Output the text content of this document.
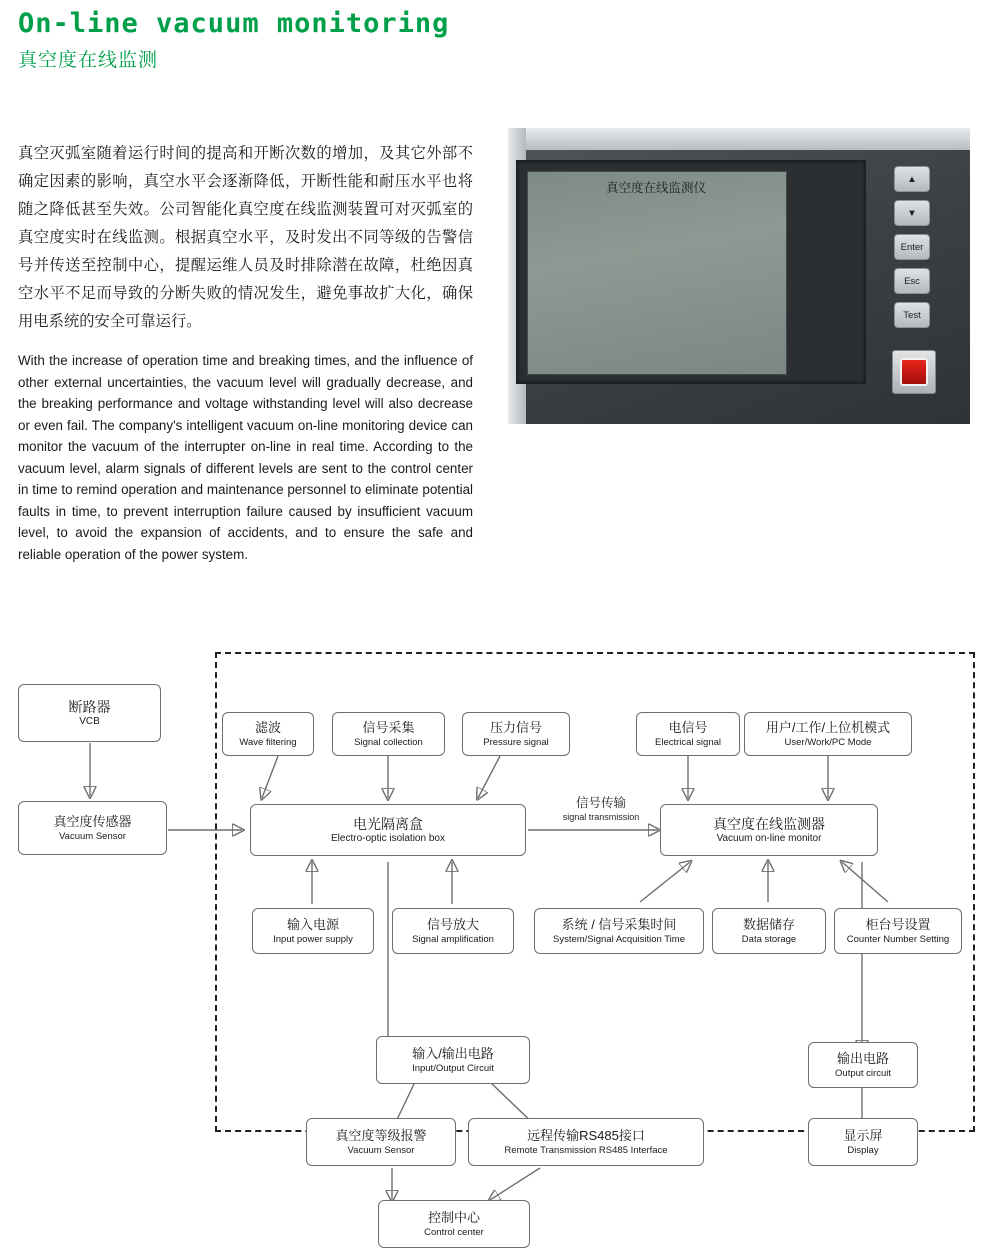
On-line vacuum monitoring
真空度在线监测
真空灭弧室随着运行时间的提高和开断次数的增加，及其它外部不确定因素的影响，真空水平会逐渐降低，开断性能和耐压水平也将随之降低甚至失效。公司智能化真空度在线监测装置可对灭弧室的真空度实时在线监测。根据真空水平，及时发出不同等级的告警信号并传送至控制中心，提醒运维人员及时排除潜在故障，杜绝因真空水平不足而导致的分断失败的情况发生，避免事故扩大化，确保用电系统的安全可靠运行。
With the increase of operation time and breaking times, and the influence of other external uncertainties, the vacuum level will gradually decrease, and the breaking performance and voltage withstanding level will also decrease or even fail. The company's intelligent vacuum on-line monitoring device can monitor the vacuum of the interrupter on-line in real time. According to the vacuum level, alarm signals of different levels are sent to the control center in time to remind operation and maintenance personnel to eliminate potential faults in time, to prevent interruption failure caused by insufficient vacuum level, to avoid the expansion of accidents, and to ensure the safe and reliable operation of the power system.
真空度在线监测仪
▲
▼
Enter
Esc
Test
断路器
VCB
真空度传感器
Vacuum Sensor
滤波
Wave filtering
信号采集
Signal collection
压力信号
Pressure signal
电信号
Electrical signal
用户/工作/上位机模式
User/Work/PC Mode
电光隔离盒
Electro-optic isolation box
真空度在线监测器
Vacuum on-line monitor
信号传输
signal transmission
输入电源
Input power supply
信号放大
Signal amplification
系统 / 信号采集时间
System/Signal Acquisition Time
数据储存
Data storage
柜台号设置
Counter Number Setting
输入/输出电路
Input/Output Circuit
输出电路
Output circuit
真空度等级报警
Vacuum Sensor
远程传输RS485接口
Remote Transmission RS485 Interface
显示屏
Display
控制中心
Control center
